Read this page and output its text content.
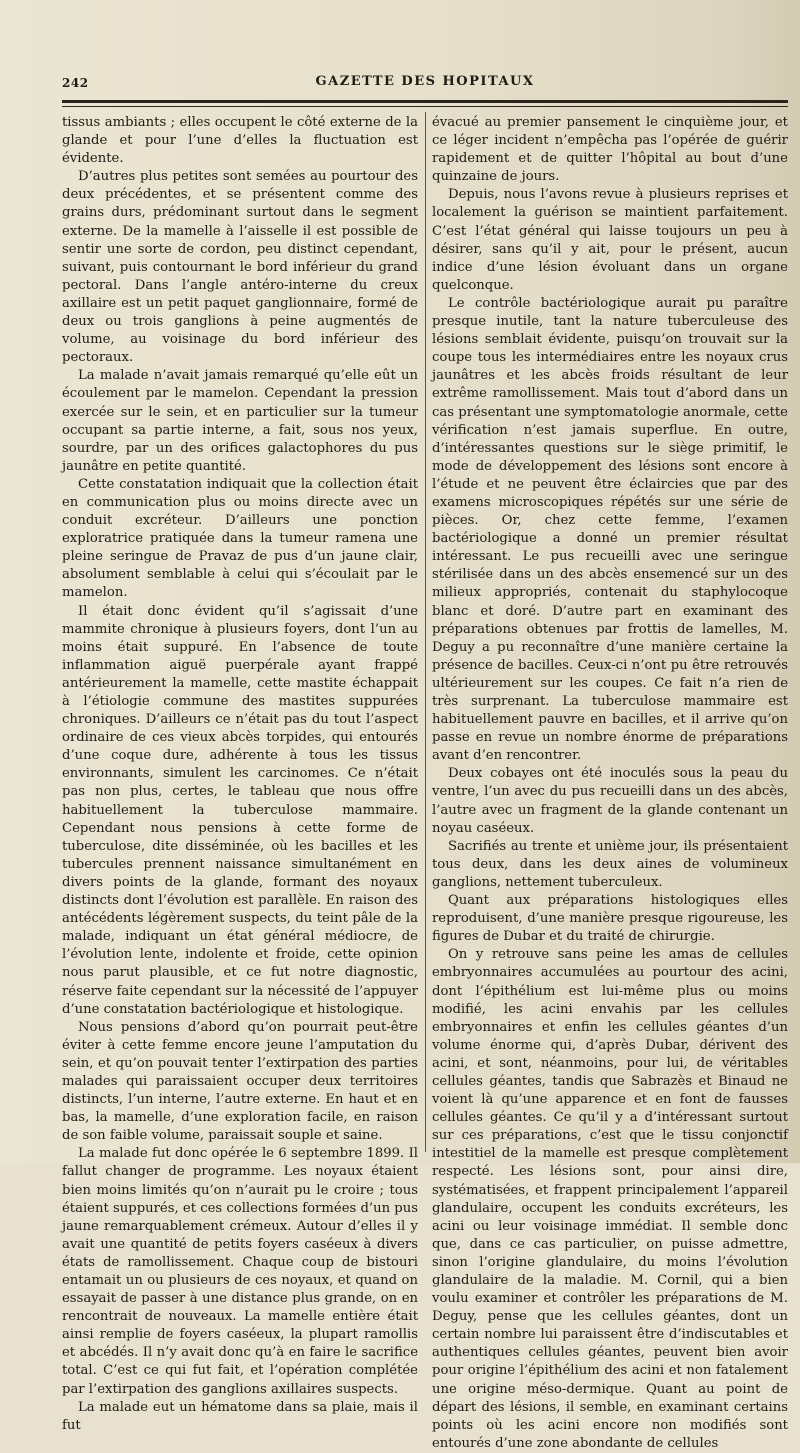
242	GAZETTE DES HOPITAUX

tissus ambiants ; elles occupent le côté externe de la glande et pour l’une d’elles la fluctuation est évidente.

D’autres plus petites sont semées au pourtour des deux précédentes, et se présentent comme des grains durs, prédominant surtout dans le segment externe. De la mamelle à l’aisselle il est possible de sentir une sorte de cordon, peu distinct cependant, suivant, puis contournant le bord inférieur du grand pectoral. Dans l’angle antéro-interne du creux axillaire est un petit paquet ganglionnaire, formé de deux ou trois ganglions à peine augmentés de volume, au voisinage du bord inférieur des pectoraux.

La malade n’avait jamais remarqué qu’elle eût un écoulement par le mamelon. Cependant la pression exercée sur le sein, et en particulier sur la tumeur occupant sa partie interne, a fait, sous nos yeux, sourdre, par un des orifices galactophores du pus jaunâtre en petite quantité.

Cette constatation indiquait que la collection était en communication plus ou moins directe avec un conduit excréteur. D’ailleurs une ponction exploratrice pratiquée dans la tumeur ramena une pleine seringue de Pravaz de pus d’un jaune clair, absolument semblable à celui qui s’écoulait par le mamelon.

Il était donc évident qu’il s’agissait d’une mammite chronique à plusieurs foyers, dont l’un au moins était suppuré. En l’absence de toute inflammation aiguë puerpérale ayant frappé antérieurement la mamelle, cette mastite échappait à l’étiologie commune des mastites suppurées chroniques. D’ailleurs ce n’était pas du tout l’aspect ordinaire de ces vieux abcès torpides, qui entourés d’une coque dure, adhérente à tous les tissus environnants, simulent les carcinomes. Ce n’était pas non plus, certes, le tableau que nous offre habituellement la tuberculose mammaire. Cependant nous pensions à cette forme de tuberculose, dite disséminée, où les bacilles et les tubercules prennent naissance simultanément en divers points de la glande, formant des noyaux distincts dont l’évolution est parallèle. En raison des antécédents légèrement suspects, du teint pâle de la malade, indiquant un état général médiocre, de l’évolution lente, indolente et froide, cette opinion nous parut plausible, et ce fut notre diagnostic, réserve faite cependant sur la nécessité de l’appuyer d’une constatation bactériologique et histologique.

Nous pensions d’abord qu’on pourrait peut-être éviter à cette femme encore jeune l’amputation du sein, et qu’on pouvait tenter l’extirpation des parties malades qui paraissaient occuper deux territoires distincts, l’un interne, l’autre externe. En haut et en bas, la mamelle, d’une exploration facile, en raison de son faible volume, paraissait souple et saine.

La malade fut donc opérée le 6 septembre 1899. Il fallut changer de programme. Les noyaux étaient bien moins limités qu’on n’aurait pu le croire ; tous étaient suppurés, et ces collections formées d’un pus jaune remarquablement crémeux. Autour d’elles il y avait une quantité de petits foyers caséeux à divers états de ramollissement. Chaque coup de bistouri entamait un ou plusieurs de ces noyaux, et quand on essayait de passer à une distance plus grande, on en rencontrait de nouveaux. La mamelle entière était ainsi remplie de foyers caséeux, la plupart ramollis et abcédés. Il n’y avait donc qu’à en faire le sacrifice total. C’est ce qui fut fait, et l’opération complétée par l’extirpation des ganglions axillaires suspects.

La malade eut un hématome dans sa plaie, mais il fut

évacué au premier pansement le cinquième jour, et ce léger incident n’empêcha pas l’opérée de guérir rapidement et de quitter l’hôpital au bout d’une quinzaine de jours.

Depuis, nous l’avons revue à plusieurs reprises et localement la guérison se maintient parfaitement. C’est l’état général qui laisse toujours un peu à désirer, sans qu’il y ait, pour le présent, aucun indice d’une lésion évoluant dans un organe quelconque.

Le contrôle bactériologique aurait pu paraître presque inutile, tant la nature tuberculeuse des lésions semblait évidente, puisqu’on trouvait sur la coupe tous les intermédiaires entre les noyaux crus jaunâtres et les abcès froids résultant de leur extrême ramollissement. Mais tout d’abord dans un cas présentant une symptomatologie anormale, cette vérification n’est jamais superflue. En outre, d’intéressantes questions sur le siège primitif, le mode de développement des lésions sont encore à l’étude et ne peuvent être éclaircies que par des examens microscopiques répétés sur une série de pièces. Or, chez cette femme, l’examen bactériologique a donné un premier résultat intéressant. Le pus recueilli avec une seringue stérilisée dans un des abcès ensemencé sur un des milieux appropriés, contenait du staphylocoque blanc et doré. D’autre part en examinant des préparations obtenues par frottis de lamelles, M. Deguy a pu reconnaître d’une manière certaine la présence de bacilles. Ceux-ci n’ont pu être retrouvés ultérieurement sur les coupes. Ce fait n’a rien de très surprenant. La tuberculose mammaire est habituellement pauvre en bacilles, et il arrive qu’on passe en revue un nombre énorme de préparations avant d’en rencontrer.

Deux cobayes ont été inoculés sous la peau du ventre, l’un avec du pus recueilli dans un des abcès, l’autre avec un fragment de la glande contenant un noyau caséeux.

Sacrifiés au trente et unième jour, ils présentaient tous deux, dans les deux aines de volumineux ganglions, nettement tuberculeux.

Quant aux préparations histologiques elles reproduisent, d’une manière presque rigoureuse, les figures de Dubar et du traité de chirurgie.

On y retrouve sans peine les amas de cellules embryonnaires accumulées au pourtour des acini, dont l’épithélium est lui-même plus ou moins modifié, les acini envahis par les cellules embryonnaires et enfin les cellules géantes d’un volume énorme qui, d’après Dubar, dérivent des acini, et sont, néanmoins, pour lui, de véritables cellules géantes, tandis que Sabrazès et Binaud ne voient là qu’une apparence et en font de fausses cellules géantes. Ce qu’il y a d’intéressant surtout sur ces préparations, c’est que le tissu conjonctif intestitiel de la mamelle est presque complètement respecté. Les lésions sont, pour ainsi dire, systématisées, et frappent principalement l’appareil glandulaire, occupent les conduits excréteurs, les acini ou leur voisinage immédiat. Il semble donc que, dans ce cas particulier, on puisse admettre, sinon l’origine glandulaire, du moins l’évolution glandulaire de la maladie. M. Cornil, qui a bien voulu examiner et contrôler les préparations de M. Deguy, pense que les cellules géantes, dont un certain nombre lui paraissent être d’indiscutables et authentiques cellules géantes, peuvent bien avoir pour origine l’épithélium des acini et non fatalement une origine méso-dermique. Quant au point de départ des lésions, il semble, en examinant certains points où les acini encore non modifiés sont entourés d’une zone abondante de cellules
